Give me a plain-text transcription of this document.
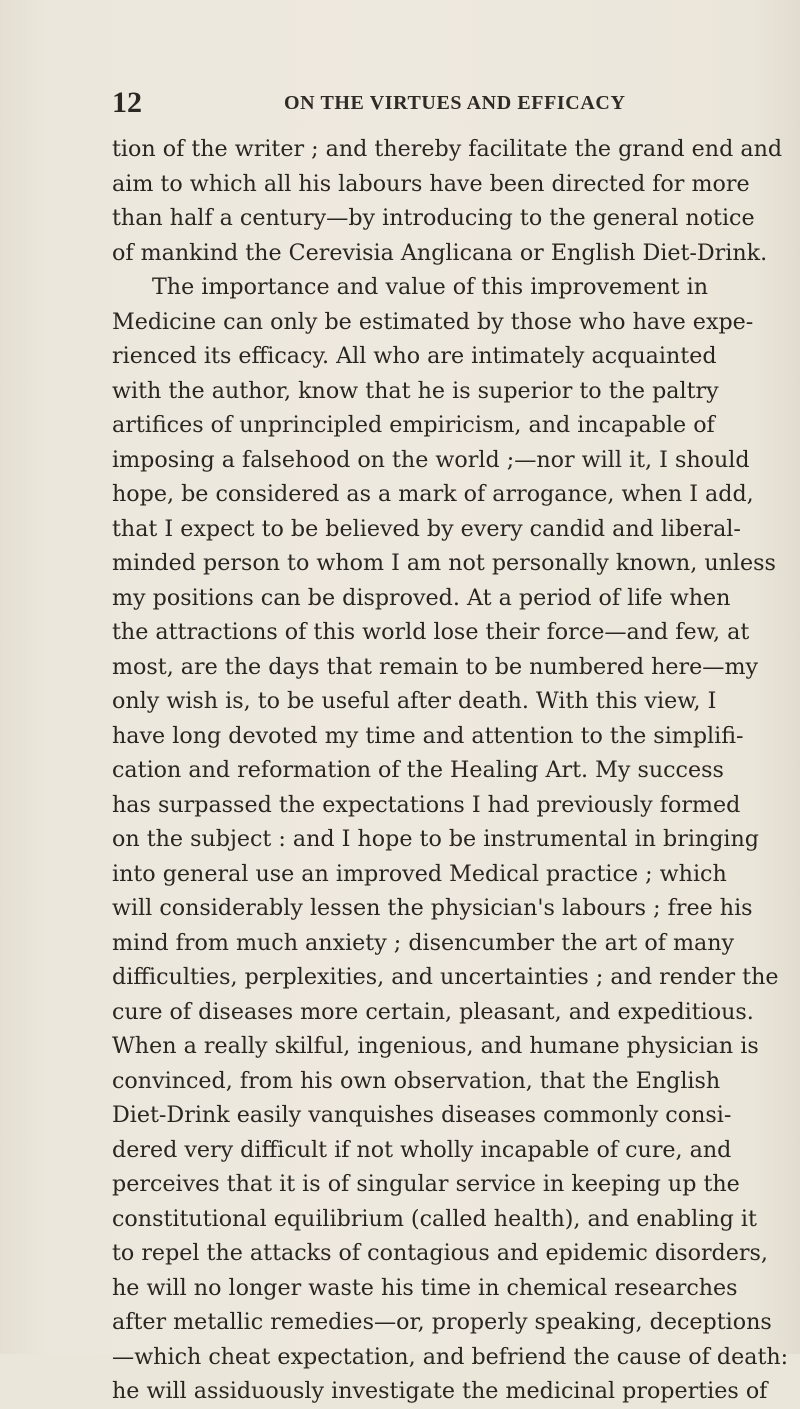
12	ON THE VIRTUES AND EFFICACY
tion of the writer ; and thereby facilitate the grand end and
aim to which all his labours have been directed for more
than half a century—by introducing to the general notice
of mankind the Cerevisia Anglicana or English Diet-Drink.
The importance and value of this improvement in
Medicine can only be estimated by those who have expe-
rienced its efficacy. All who are intimately acquainted
with the author, know that he is superior to the paltry
artifices of unprincipled empiricism, and incapable of
imposing a falsehood on the world ;—nor will it, I should
hope, be considered as a mark of arrogance, when I add,
that I expect to be believed by every candid and liberal-
minded person to whom I am not personally known, unless
my positions can be disproved. At a period of life when
the attractions of this world lose their force—and few, at
most, are the days that remain to be numbered here—my
only wish is, to be useful after death. With this view, I
have long devoted my time and attention to the simplifi-
cation and reformation of the Healing Art. My success
has surpassed the expectations I had previously formed
on the subject : and I hope to be instrumental in bringing
into general use an improved Medical practice ; which
will considerably lessen the physician's labours ; free his
mind from much anxiety ; disencumber the art of many
difficulties, perplexities, and uncertainties ; and render the
cure of diseases more certain, pleasant, and expeditious.
When a really skilful, ingenious, and humane physician is
convinced, from his own observation, that the English
Diet-Drink easily vanquishes diseases commonly consi-
dered very difficult if not wholly incapable of cure, and
perceives that it is of singular service in keeping up the
constitutional equilibrium (called health), and enabling it
to repel the attacks of contagious and epidemic disorders,
he will no longer waste his time in chemical researches
after metallic remedies—or, properly speaking, deceptions
—which cheat expectation, and befriend the cause of death:
he will assiduously investigate the medicinal properties of
